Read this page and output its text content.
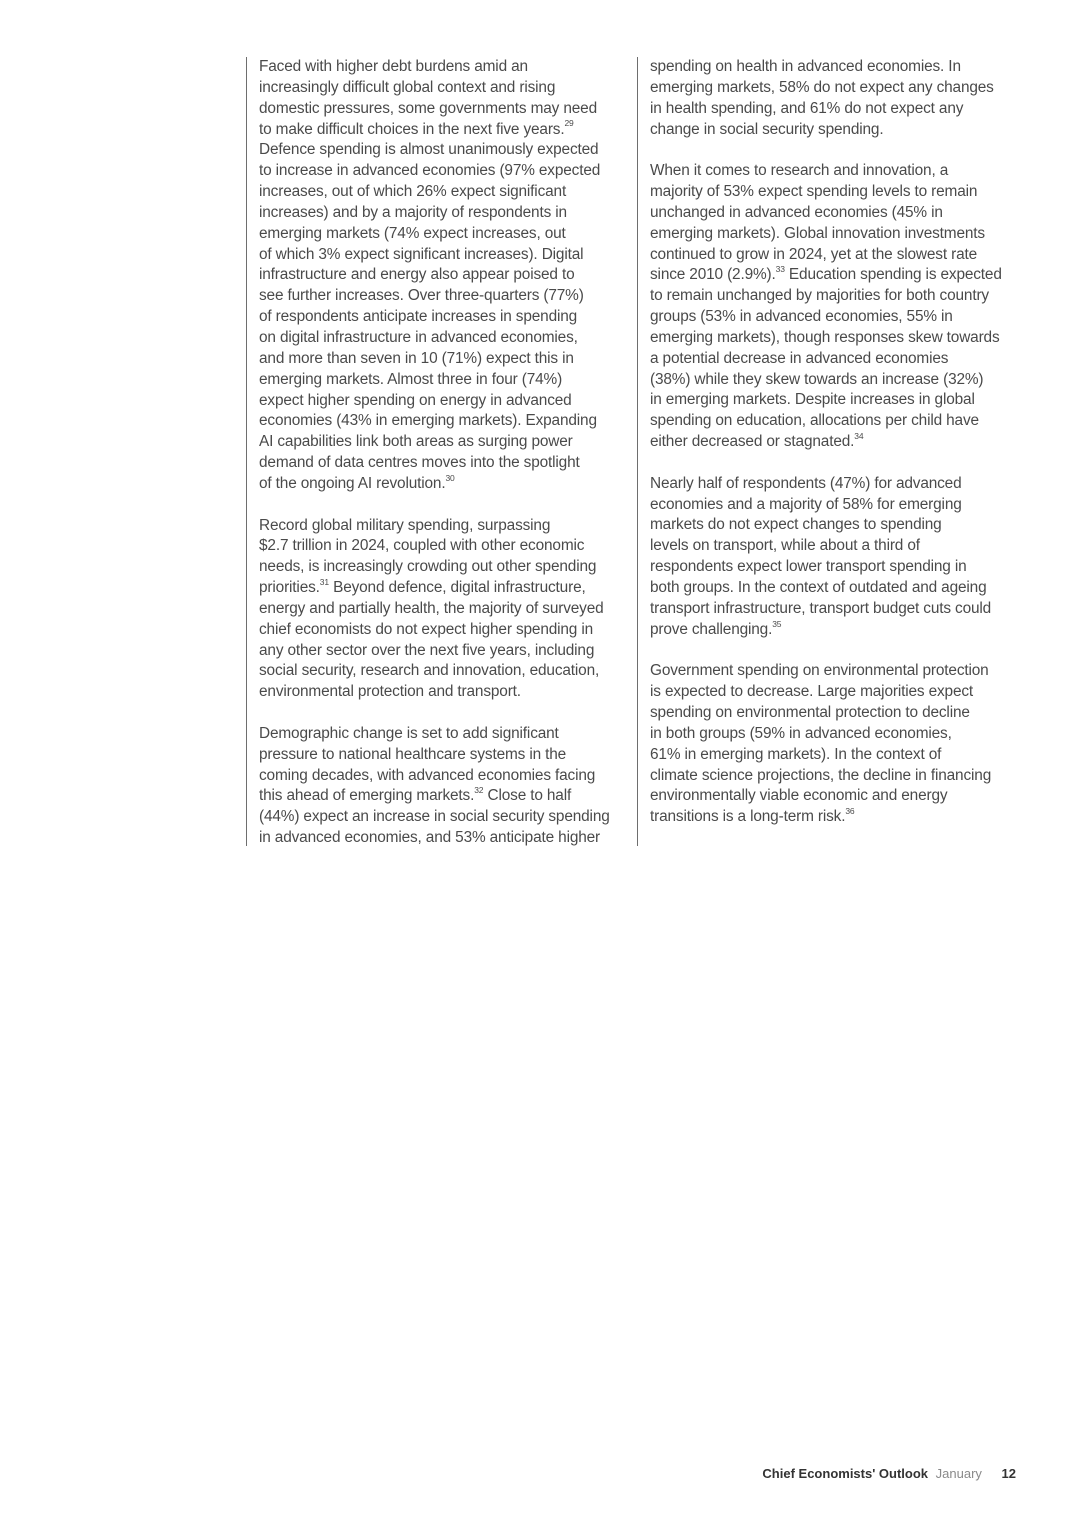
Faced with higher debt burdens amid an
increasingly difficult global context and rising
domestic pressures, some governments may need
to make difficult choices in the next five years.$^{29}$
Defence spending is almost unanimously expected
to increase in advanced economies (97% expected
increases, out of which 26% expect significant
increases) and by a majority of respondents in
emerging markets (74% expect increases, out
of which 3% expect significant increases). Digital
infrastructure and energy also appear poised to
see further increases. Over three-quarters (77%)
of respondents anticipate increases in spending
on digital infrastructure in advanced economies,
and more than seven in 10 (71%) expect this in
emerging markets. Almost three in four (74%)
expect higher spending on energy in advanced
economies (43% in emerging markets). Expanding
AI capabilities link both areas as surging power
demand of data centres moves into the spotlight
of the ongoing AI revolution.$^{30}$

Record global military spending, surpassing
$2.7 trillion in 2024, coupled with other economic
needs, is increasingly crowding out other spending
priorities.$^{31}$ Beyond defence, digital infrastructure,
energy and partially health, the majority of surveyed
chief economists do not expect higher spending in
any other sector over the next five years, including
social security, research and innovation, education,
environmental protection and transport.

Demographic change is set to add significant
pressure to national healthcare systems in the
coming decades, with advanced economies facing
this ahead of emerging markets.$^{32}$ Close to half
(44%) expect an increase in social security spending
in advanced economies, and 53% anticipate higher

spending on health in advanced economies. In
emerging markets, 58% do not expect any changes
in health spending, and 61% do not expect any
change in social security spending.

When it comes to research and innovation, a
majority of 53% expect spending levels to remain
unchanged in advanced economies (45% in
emerging markets). Global innovation investments
continued to grow in 2024, yet at the slowest rate
since 2010 (2.9%).$^{33}$ Education spending is expected
to remain unchanged by majorities for both country
groups (53% in advanced economies, 55% in
emerging markets), though responses skew towards
a potential decrease in advanced economies
(38%) while they skew towards an increase (32%)
in emerging markets. Despite increases in global
spending on education, allocations per child have
either decreased or stagnated.$^{34}$

Nearly half of respondents (47%) for advanced
economies and a majority of 58% for emerging
markets do not expect changes to spending
levels on transport, while about a third of
respondents expect lower transport spending in
both groups. In the context of outdated and ageing
transport infrastructure, transport budget cuts could
prove challenging.$^{35}$

Government spending on environmental protection
is expected to decrease. Large majorities expect
spending on environmental protection to decline
in both groups (59% in advanced economies,
61% in emerging markets). In the context of
climate science projections, the decline in financing
environmentally viable economic and energy
transitions is a long-term risk.$^{36}$

Chief Economists' Outlook January 12
